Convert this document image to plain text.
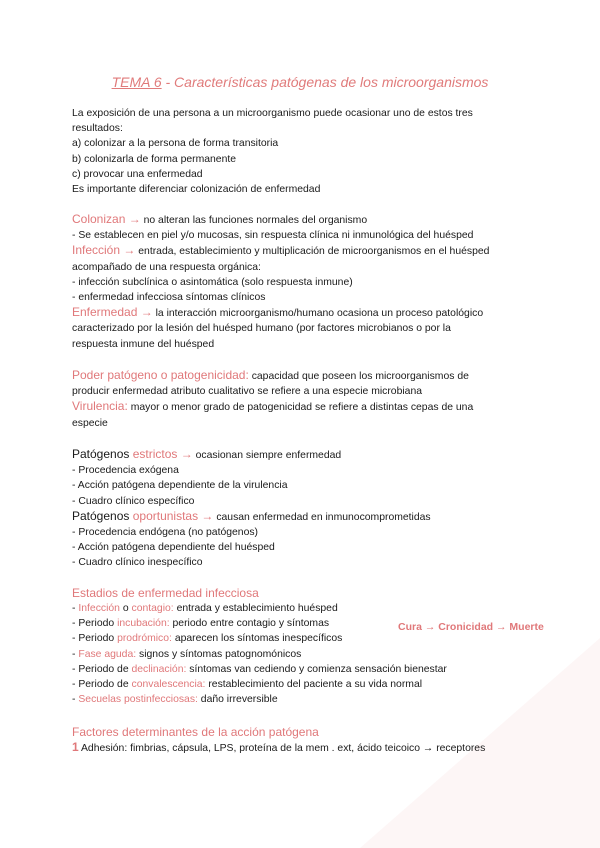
TEMA 6 - Características patógenas de los microorganismos
La exposición de una persona a un microorganismo puede ocasionar uno de estos tres
resultados:
a) colonizar a la persona de forma transitoria
b) colonizarla de forma permanente
c) provocar una enfermedad
Es importante diferenciar colonización de enfermedad
Colonizan → no alteran las funciones normales del organismo
- Se establecen en piel y/o mucosas, sin respuesta clínica ni inmunológica del huésped
Infección → entrada, establecimiento y multiplicación de microorganismos en el huésped
acompañado de una respuesta orgánica:
- infección subclínica o asintomática (solo respuesta inmune)
- enfermedad infecciosa síntomas clínicos
Enfermedad → la interacción microorganismo/humano ocasiona un proceso patológico
caracterizado por la lesión del huésped humano (por factores microbianos o por la
respuesta inmune del huésped
Poder patógeno o patogenicidad: capacidad que poseen los microorganismos de
producir enfermedad atributo cualitativo se refiere a una especie microbiana
Virulencia: mayor o menor grado de patogenicidad se refiere a distintas cepas de una
especie
Patógenos estrictos → ocasionan siempre enfermedad
- Procedencia exógena
- Acción patógena dependiente de la virulencia
- Cuadro clínico específico
Patógenos oportunistas → causan enfermedad en inmunocomprometidas
- Procedencia endógena (no patógenos)
- Acción patógena dependiente del huésped
- Cuadro clínico inespecífico
Estadios de enfermedad infecciosa
- Infección o contagio: entrada y establecimiento huésped
- Periodo incubación: periodo entre contagio y síntomas
- Periodo prodrómico: aparecen los síntomas inespecíficos
- Fase aguda: signos y síntomas patognomónicos
- Periodo de declinación: síntomas van cediendo y comienza sensación bienestar
- Periodo de convalescencia: restablecimiento del paciente a su vida normal
- Secuelas postinfecciosas: daño irreversible
Cura → Cronicidad → Muerte
Factores determinantes de la acción patógena
1 Adhesión: fimbrias, cápsula, LPS, proteína de la mem . ext, ácido teicoico → receptores
